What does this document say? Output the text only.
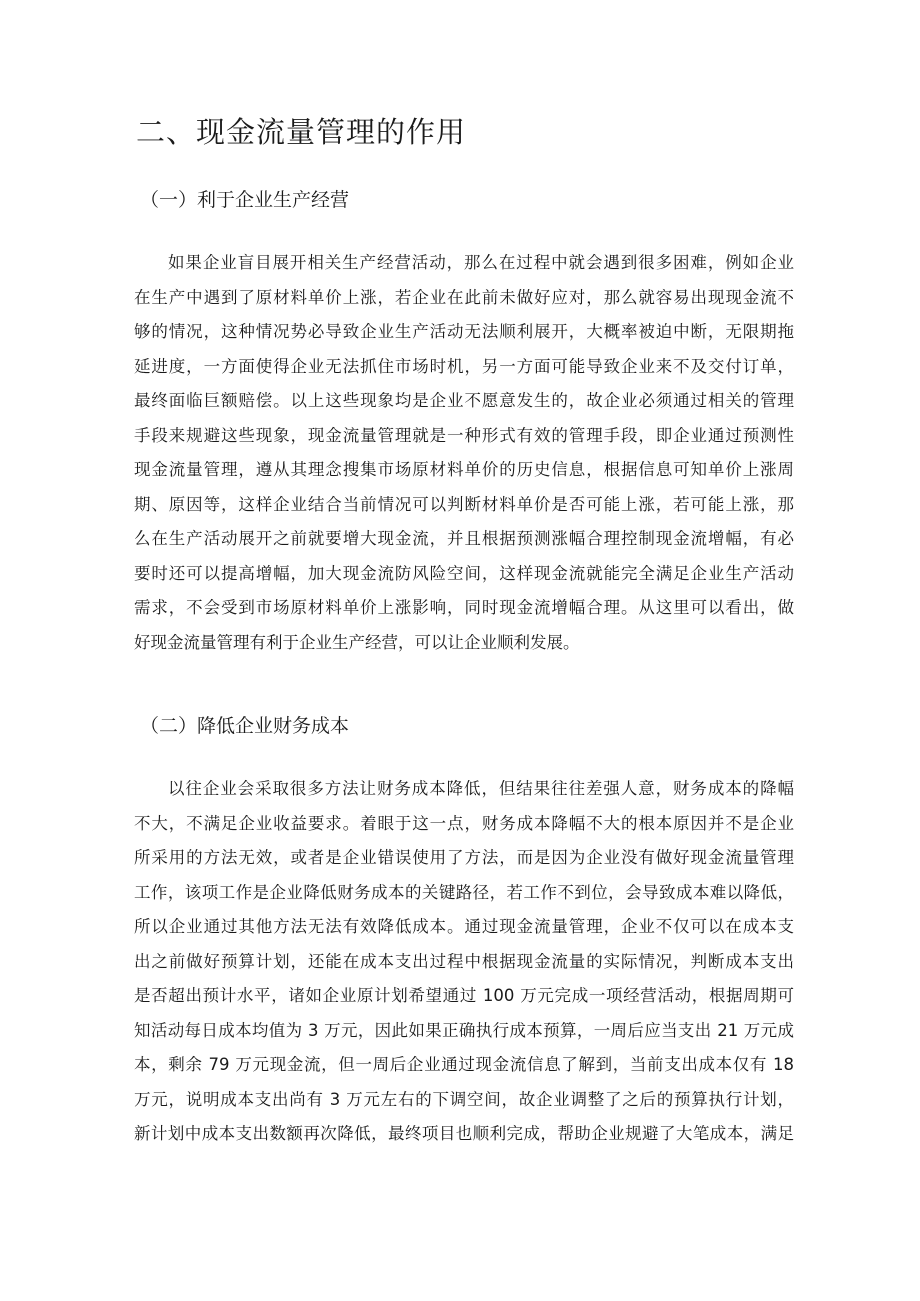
二、现金流量管理的作用
（一）利于企业生产经营
如果企业盲目展开相关生产经营活动，那么在过程中就会遇到很多困难，例如企业
在生产中遇到了原材料单价上涨，若企业在此前未做好应对，那么就容易出现现金流不
够的情况，这种情况势必导致企业生产活动无法顺利展开，大概率被迫中断，无限期拖
延进度，一方面使得企业无法抓住市场时机，另一方面可能导致企业来不及交付订单，
最终面临巨额赔偿。以上这些现象均是企业不愿意发生的，故企业必须通过相关的管理
手段来规避这些现象，现金流量管理就是一种形式有效的管理手段，即企业通过预测性
现金流量管理，遵从其理念搜集市场原材料单价的历史信息，根据信息可知单价上涨周
期、原因等，这样企业结合当前情况可以判断材料单价是否可能上涨，若可能上涨，那
么在生产活动展开之前就要增大现金流，并且根据预测涨幅合理控制现金流增幅，有必
要时还可以提高增幅，加大现金流防风险空间，这样现金流就能完全满足企业生产活动
需求，不会受到市场原材料单价上涨影响，同时现金流增幅合理。从这里可以看出，做
好现金流量管理有利于企业生产经营，可以让企业顺利发展。
（二）降低企业财务成本
以往企业会采取很多方法让财务成本降低，但结果往往差强人意，财务成本的降幅
不大，不满足企业收益要求。着眼于这一点，财务成本降幅不大的根本原因并不是企业
所采用的方法无效，或者是企业错误使用了方法，而是因为企业没有做好现金流量管理
工作，该项工作是企业降低财务成本的关键路径，若工作不到位，会导致成本难以降低，
所以企业通过其他方法无法有效降低成本。通过现金流量管理，企业不仅可以在成本支
出之前做好预算计划，还能在成本支出过程中根据现金流量的实际情况，判断成本支出
是否超出预计水平，诸如企业原计划希望通过 100 万元完成一项经营活动，根据周期可
知活动每日成本均值为 3 万元，因此如果正确执行成本预算，一周后应当支出 21 万元成
本，剩余 79 万元现金流，但一周后企业通过现金流信息了解到，当前支出成本仅有 18
万元，说明成本支出尚有 3 万元左右的下调空间，故企业调整了之后的预算执行计划，
新计划中成本支出数额再次降低，最终项目也顺利完成，帮助企业规避了大笔成本，满足
